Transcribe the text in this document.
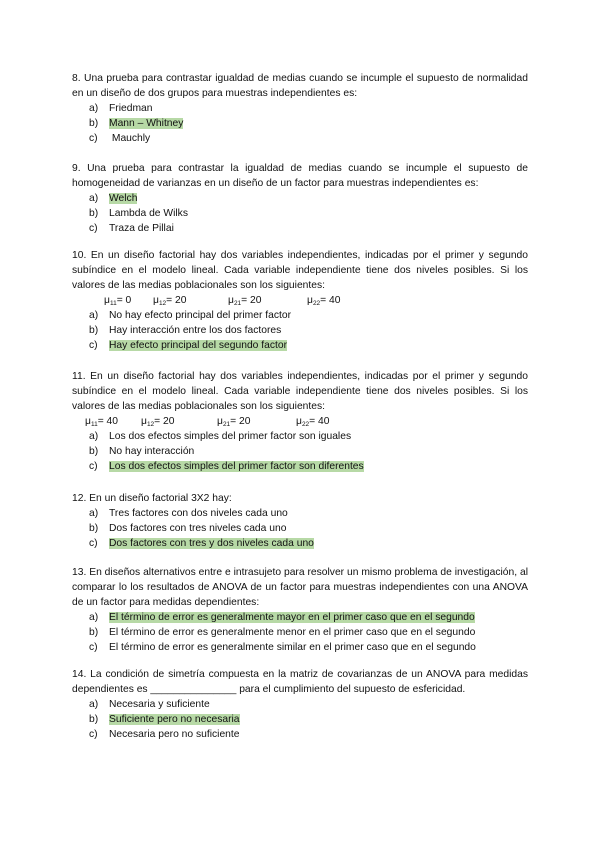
8. Una prueba para contrastar igualdad de medias cuando se incumple el supuesto de normalidad en un diseño de dos grupos para muestras independientes es:
a) Friedman
b) Mann – Whitney
c) Mauchly
9. Una prueba para contrastar la igualdad de medias cuando se incumple el supuesto de homogeneidad de varianzas en un diseño de un factor para muestras independientes es:
a) Welch
b) Lambda de Wilks
c) Traza de Pillai
10. En un diseño factorial hay dos variables independientes, indicadas por el primer y segundo subíndice en el modelo lineal. Cada variable independiente tiene dos niveles posibles. Si los valores de las medias poblacionales son los siguientes:
$\mu_{11}= 0$ $\mu_{12}= 20$	$\mu_{21}= 20$	$\mu_{22}= 40$
a) No hay efecto principal del primer factor
b) Hay interacción entre los dos factores
c) Hay efecto principal del segundo factor
11. En un diseño factorial hay dos variables independientes, indicadas por el primer y segundo subíndice en el modelo lineal. Cada variable independiente tiene dos niveles posibles. Si los valores de las medias poblacionales son los siguientes:
$\mu_{11}= 40$ $\mu_{12}= 20$	$\mu_{21}= 20$	$\mu_{22}= 40$
a) Los dos efectos simples del primer factor son iguales
b) No hay interacción
c) Los dos efectos simples del primer factor son diferentes
12. En un diseño factorial 3X2 hay:
a) Tres factores con dos niveles cada uno
b) Dos factores con tres niveles cada uno
c) Dos factores con tres y dos niveles cada uno
13. En diseños alternativos entre e intrasujeto para resolver un mismo problema de investigación, al comparar lo los resultados de ANOVA de un factor para muestras independientes con una ANOVA de un factor para medidas dependientes:
a) El término de error es generalmente mayor en el primer caso que en el segundo
b) El término de error es generalmente menor en el primer caso que en el segundo
c) El término de error es generalmente similar en el primer caso que en el segundo
14. La condición de simetría compuesta en la matriz de covarianzas de un ANOVA para medidas dependientes es _______________ para el cumplimiento del supuesto de esfericidad.
a) Necesaria y suficiente
b) Suficiente pero no necesaria
c) Necesaria pero no suficiente
